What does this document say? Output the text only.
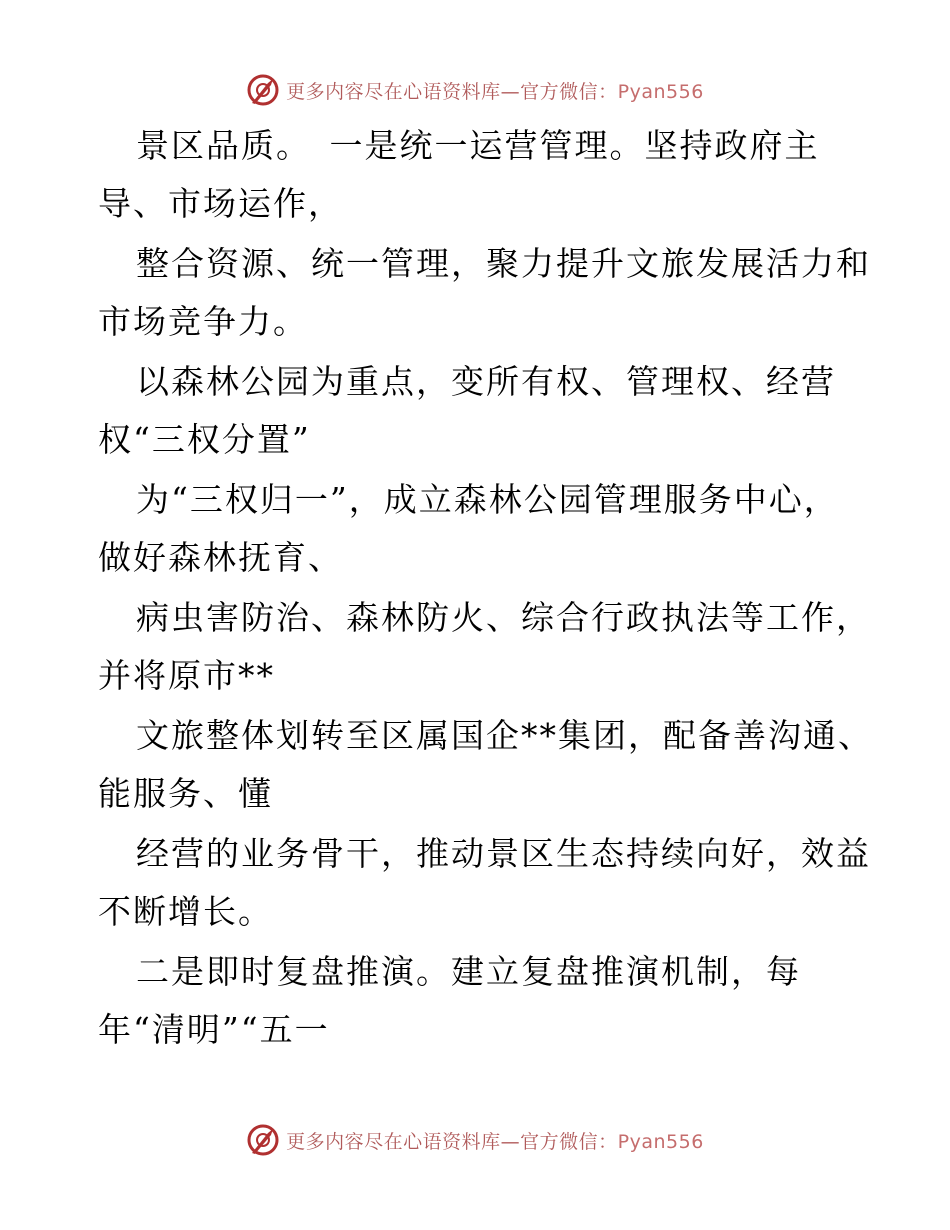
更多内容尽在心语资料库—官方微信：Pyan556
景区品质。　一是统一运营管理。坚持政府主
导、市场运作，
整合资源、统一管理，聚力提升文旅发展活力和
市场竞争力。
以森林公园为重点，变所有权、管理权、经营
权“三权分置”
为“三权归一”，成立森林公园管理服务中心，
做好森林抚育、
病虫害防治、森林防火、综合行政执法等工作，
并将原市**
文旅整体划转至区属国企**集团，配备善沟通、
能服务、懂
经营的业务骨干，推动景区生态持续向好，效益
不断增长。
二是即时复盘推演。建立复盘推演机制，每
年“清明”“五一
更多内容尽在心语资料库—官方微信：Pyan556
